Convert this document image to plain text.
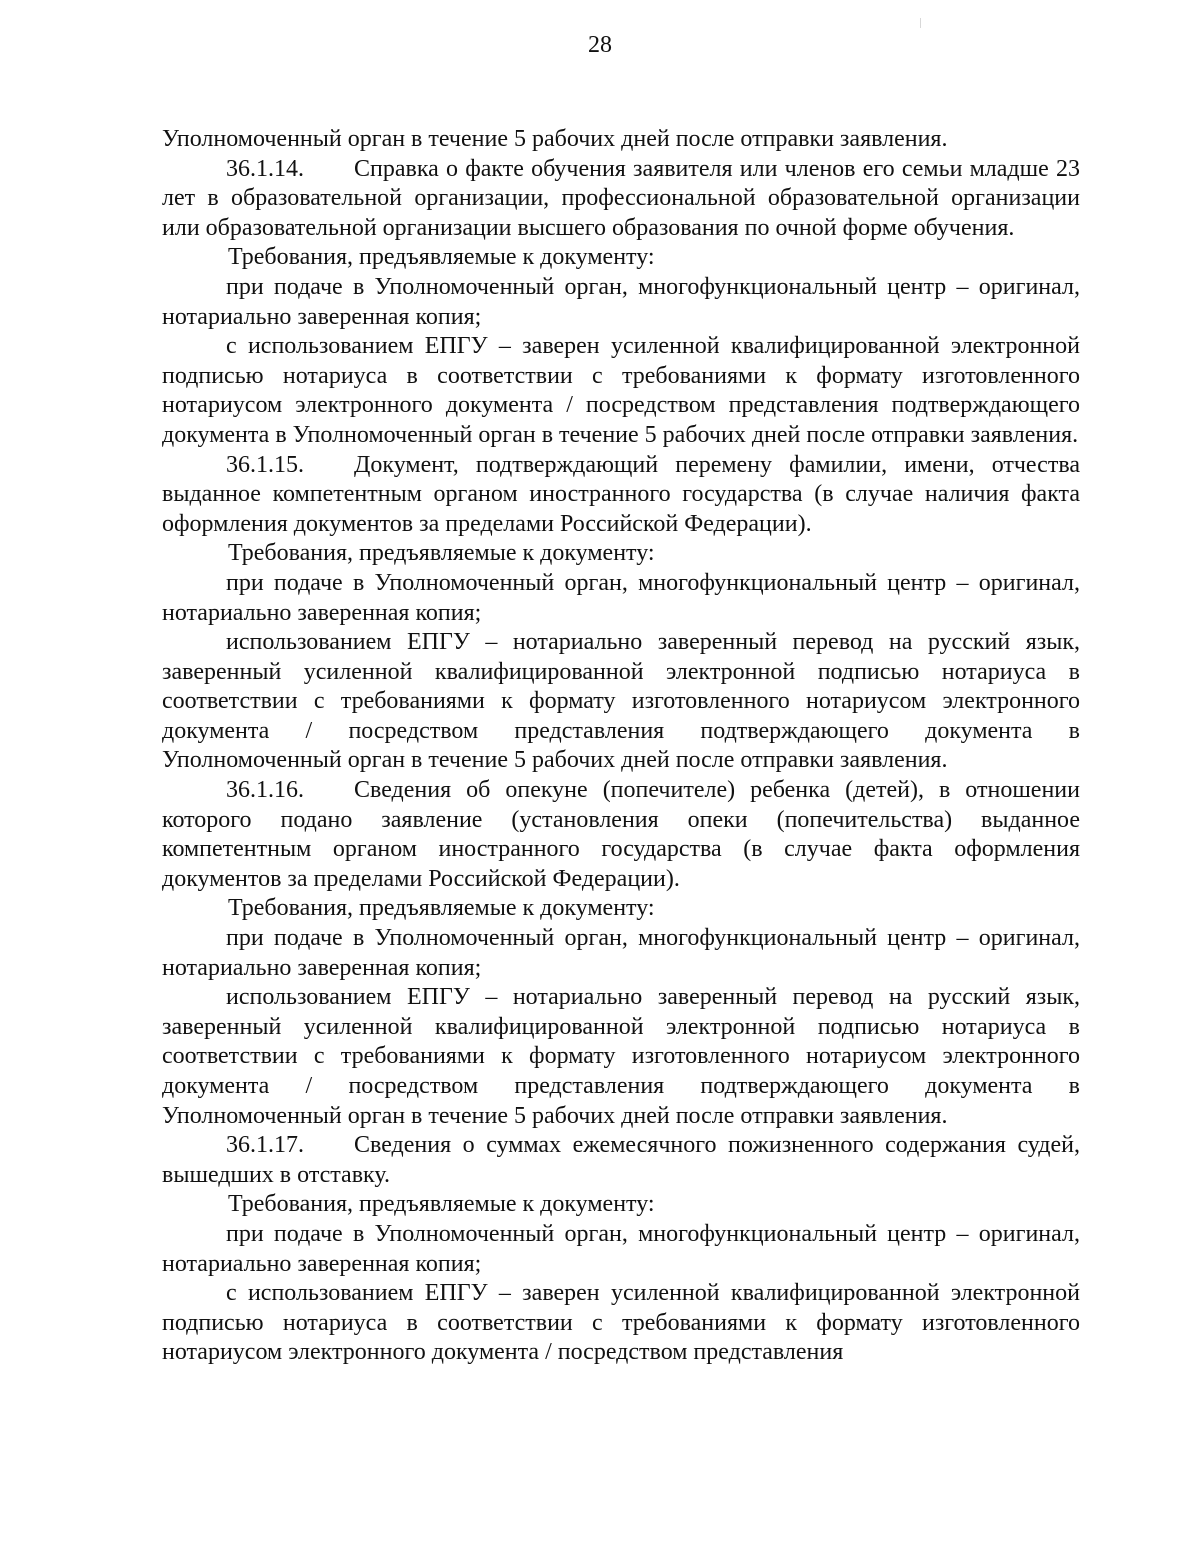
28

Уполномоченный орган в течение 5 рабочих дней после отправки заявления.

36.1.14. Справка о факте обучения заявителя или членов его семьи младше 23 лет в образовательной организации, профессиональной образовательной организации или образовательной организации высшего образования по очной форме обучения.

Требования, предъявляемые к документу:

при подаче в Уполномоченный орган, многофункциональный центр – оригинал, нотариально заверенная копия;

с использованием ЕПГУ – заверен усиленной квалифицированной электронной подписью нотариуса в соответствии с требованиями к формату изготовленного нотариусом электронного документа / посредством представления подтверждающего документа в Уполномоченный орган в течение 5 рабочих дней после отправки заявления.

36.1.15. Документ, подтверждающий перемену фамилии, имени, отчества выданное компетентным органом иностранного государства (в случае наличия факта оформления документов за пределами Российской Федерации).

Требования, предъявляемые к документу:

при подаче в Уполномоченный орган, многофункциональный центр – оригинал, нотариально заверенная копия;

использованием ЕПГУ – нотариально заверенный перевод на русский язык, заверенный усиленной квалифицированной электронной подписью нотариуса в соответствии с требованиями к формату изготовленного нотариусом электронного документа / посредством представления подтверждающего документа в Уполномоченный орган в течение 5 рабочих дней после отправки заявления.

36.1.16. Сведения об опекуне (попечителе) ребенка (детей), в отношении которого подано заявление (установления опеки (попечительства) выданное компетентным органом иностранного государства (в случае факта оформления документов за пределами Российской Федерации).

Требования, предъявляемые к документу:

при подаче в Уполномоченный орган, многофункциональный центр – оригинал, нотариально заверенная копия;

использованием ЕПГУ – нотариально заверенный перевод на русский язык, заверенный усиленной квалифицированной электронной подписью нотариуса в соответствии с требованиями к формату изготовленного нотариусом электронного документа / посредством представления подтверждающего документа в Уполномоченный орган в течение 5 рабочих дней после отправки заявления.

36.1.17. Сведения о суммах ежемесячного пожизненного содержания судей, вышедших в отставку.

Требования, предъявляемые к документу:

при подаче в Уполномоченный орган, многофункциональный центр – оригинал, нотариально заверенная копия;

с использованием ЕПГУ – заверен усиленной квалифицированной электронной подписью нотариуса в соответствии с требованиями к формату изготовленного нотариусом электронного документа / посредством представления
